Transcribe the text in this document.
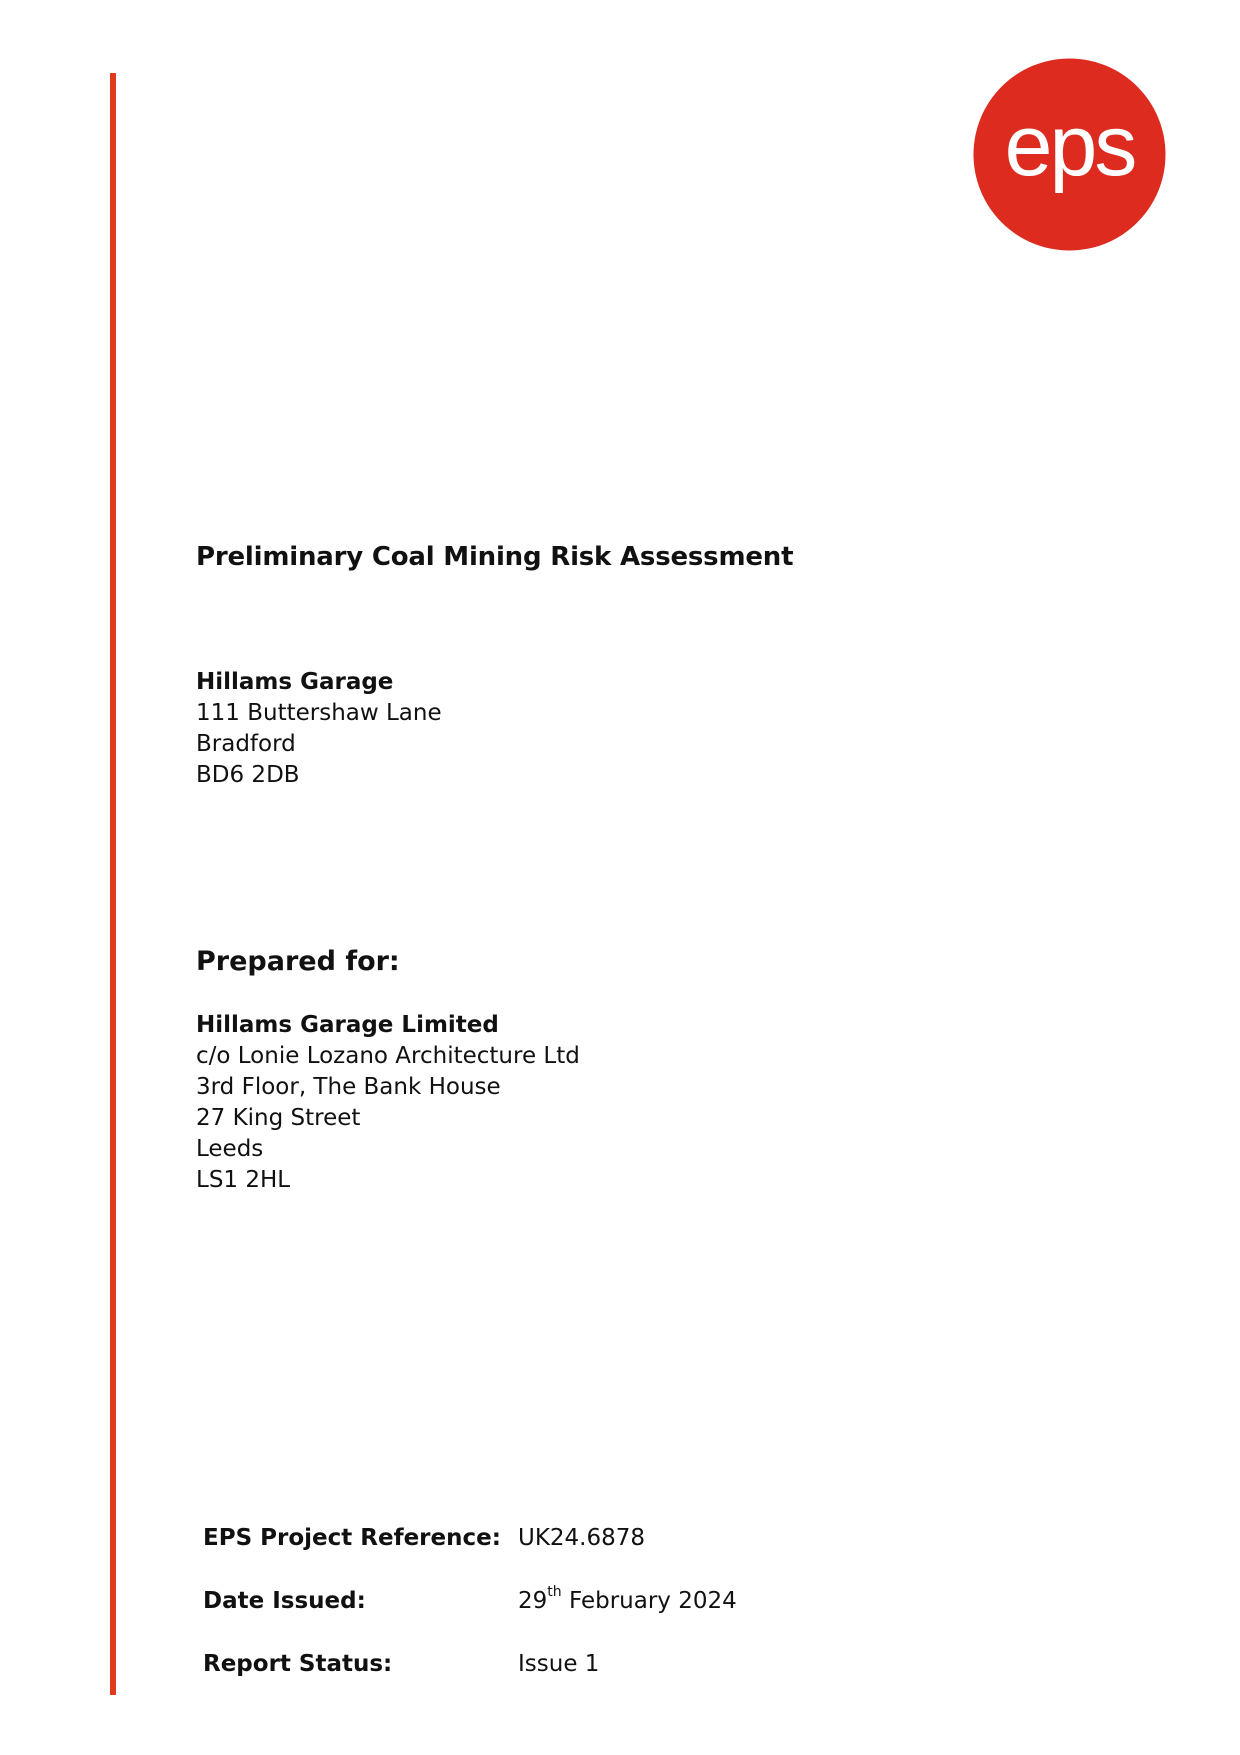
eps
Preliminary Coal Mining Risk Assessment
Hillams Garage
111 Buttershaw Lane
Bradford
BD6 2DB
Prepared for:
Hillams Garage Limited
c/o Lonie Lozano Architecture Ltd
3rd Floor, The Bank House
27 King Street
Leeds
LS1 2HL
EPS Project Reference: UK24.6878
Date Issued:	29th February 2024
Report Status:	Issue 1
